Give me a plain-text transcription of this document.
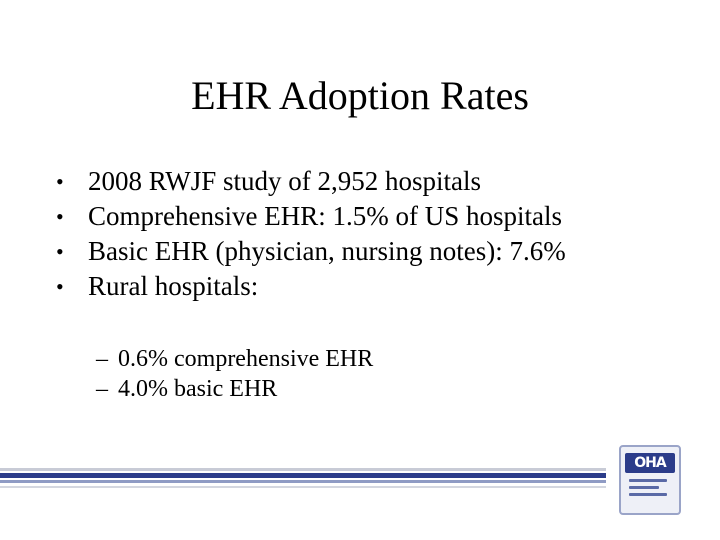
EHR Adoption Rates
• 2008 RWJF study of 2,952 hospitals
• Comprehensive EHR: 1.5% of US hospitals
• Basic EHR (physician, nursing notes): 7.6%
• Rural hospitals:
– 0.6% comprehensive EHR
– 4.0% basic EHR
OHA
